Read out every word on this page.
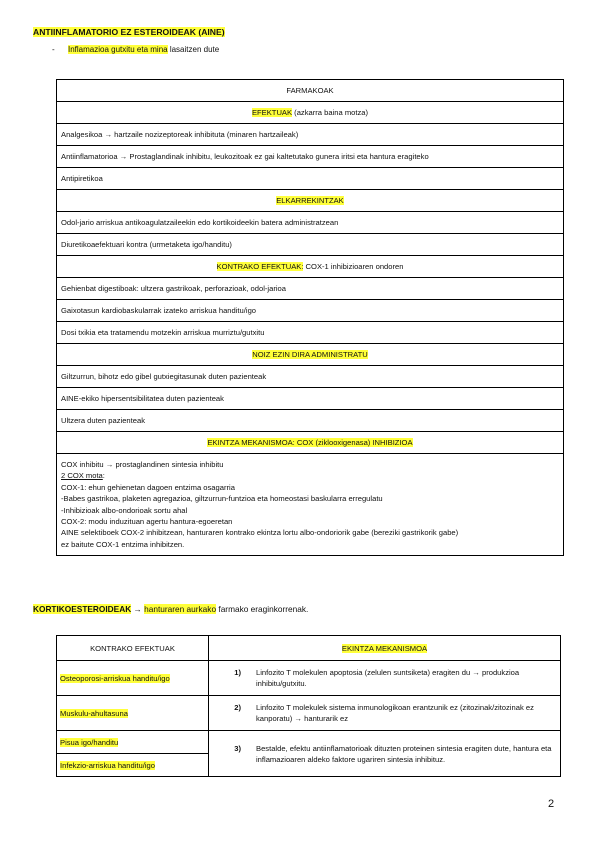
ANTIINFLAMATORIO EZ ESTEROIDEAK (AINE)
- Inflamazioa gutxitu eta mina lasaitzen dute
FARMAKOAK
EFEKTUAK (azkarra baina motza)
Analgesikoa → hartzaile nozizeptoreak inhibituta (minaren hartzaileak)
Antiinflamatorioa → Prostaglandinak inhibitu, leukozitoak ez gai kaltetutako gunera iritsi eta hantura eragiteko
Antipiretikoa
ELKARREKINTZAK
Odol-jario arriskua antikoagulatzaileekin edo kortikoideekin batera administratzean
Diuretikoaefektuari kontra (urmetaketa igo/handitu)
KONTRAKO EFEKTUAK: COX-1 inhibizioaren ondoren
Gehienbat digestiboak: ultzera gastrikoak, perforazioak, odol-jarioa
Gaixotasun kardiobaskularrak izateko arriskua handitu/igo
Dosi txikia eta tratamendu motzekin arriskua murriztu/gutxitu
NOIZ EZIN DIRA ADMINISTRATU
Giltzurrun, bihotz edo gibel gutxiegitasunak duten pazienteak
AINE-ekiko hipersentsibilitatea duten pazienteak
Ultzera duten pazienteak
EKINTZA MEKANISMOA: COX (ziklooxigenasa) INHIBIZIOA

COX inhibitu → prostaglandinen sintesia inhibitu
2 COX mota:
COX-1: ehun gehienetan dagoen entzima osagarria
-Babes gastrikoa, plaketen agregazioa, giltzurrun-funtzioa eta homeostasi baskularra erregulatu
-Inhibizioak albo-ondorioak sortu ahal
COX-2: modu induzituan agertu hantura-egoeretan
AINE selektiboek COX-2 inhibitzean, hanturaren kontrako ekintza lortu albo-ondoriorik gabe (bereziki gastrikorik gabe)
ez baitute COX-1 entzima inhibitzen.
KORTIKOESTEROIDEAK → hanturaren aurkako farmako eraginkorrenak.
KONTRAKO EFEKTUAK	EKINTZA MEKANISMOA
Osteoporosi-arriskua handitu/igo	1) Linfozito T molekulen apoptosia (zelulen suntsiketa) eragiten du → produkzioa inhibitu/gutxitu.

Muskulu-ahultasuna	2) Linfozito T molekulek sistema inmunologikoan erantzunik ez (zitozinak/zitozinak ez kanporatu) → hanturarik ez

Pisua igo/handitu	3) Bestalde, efektu antiinflamatorioak dituzten proteinen sintesia eragiten dute, hantura eta inflamazioaren aldeko faktore ugariren sintesia inhibituz.

Infekzio-arriskua handitu/igo	
2
